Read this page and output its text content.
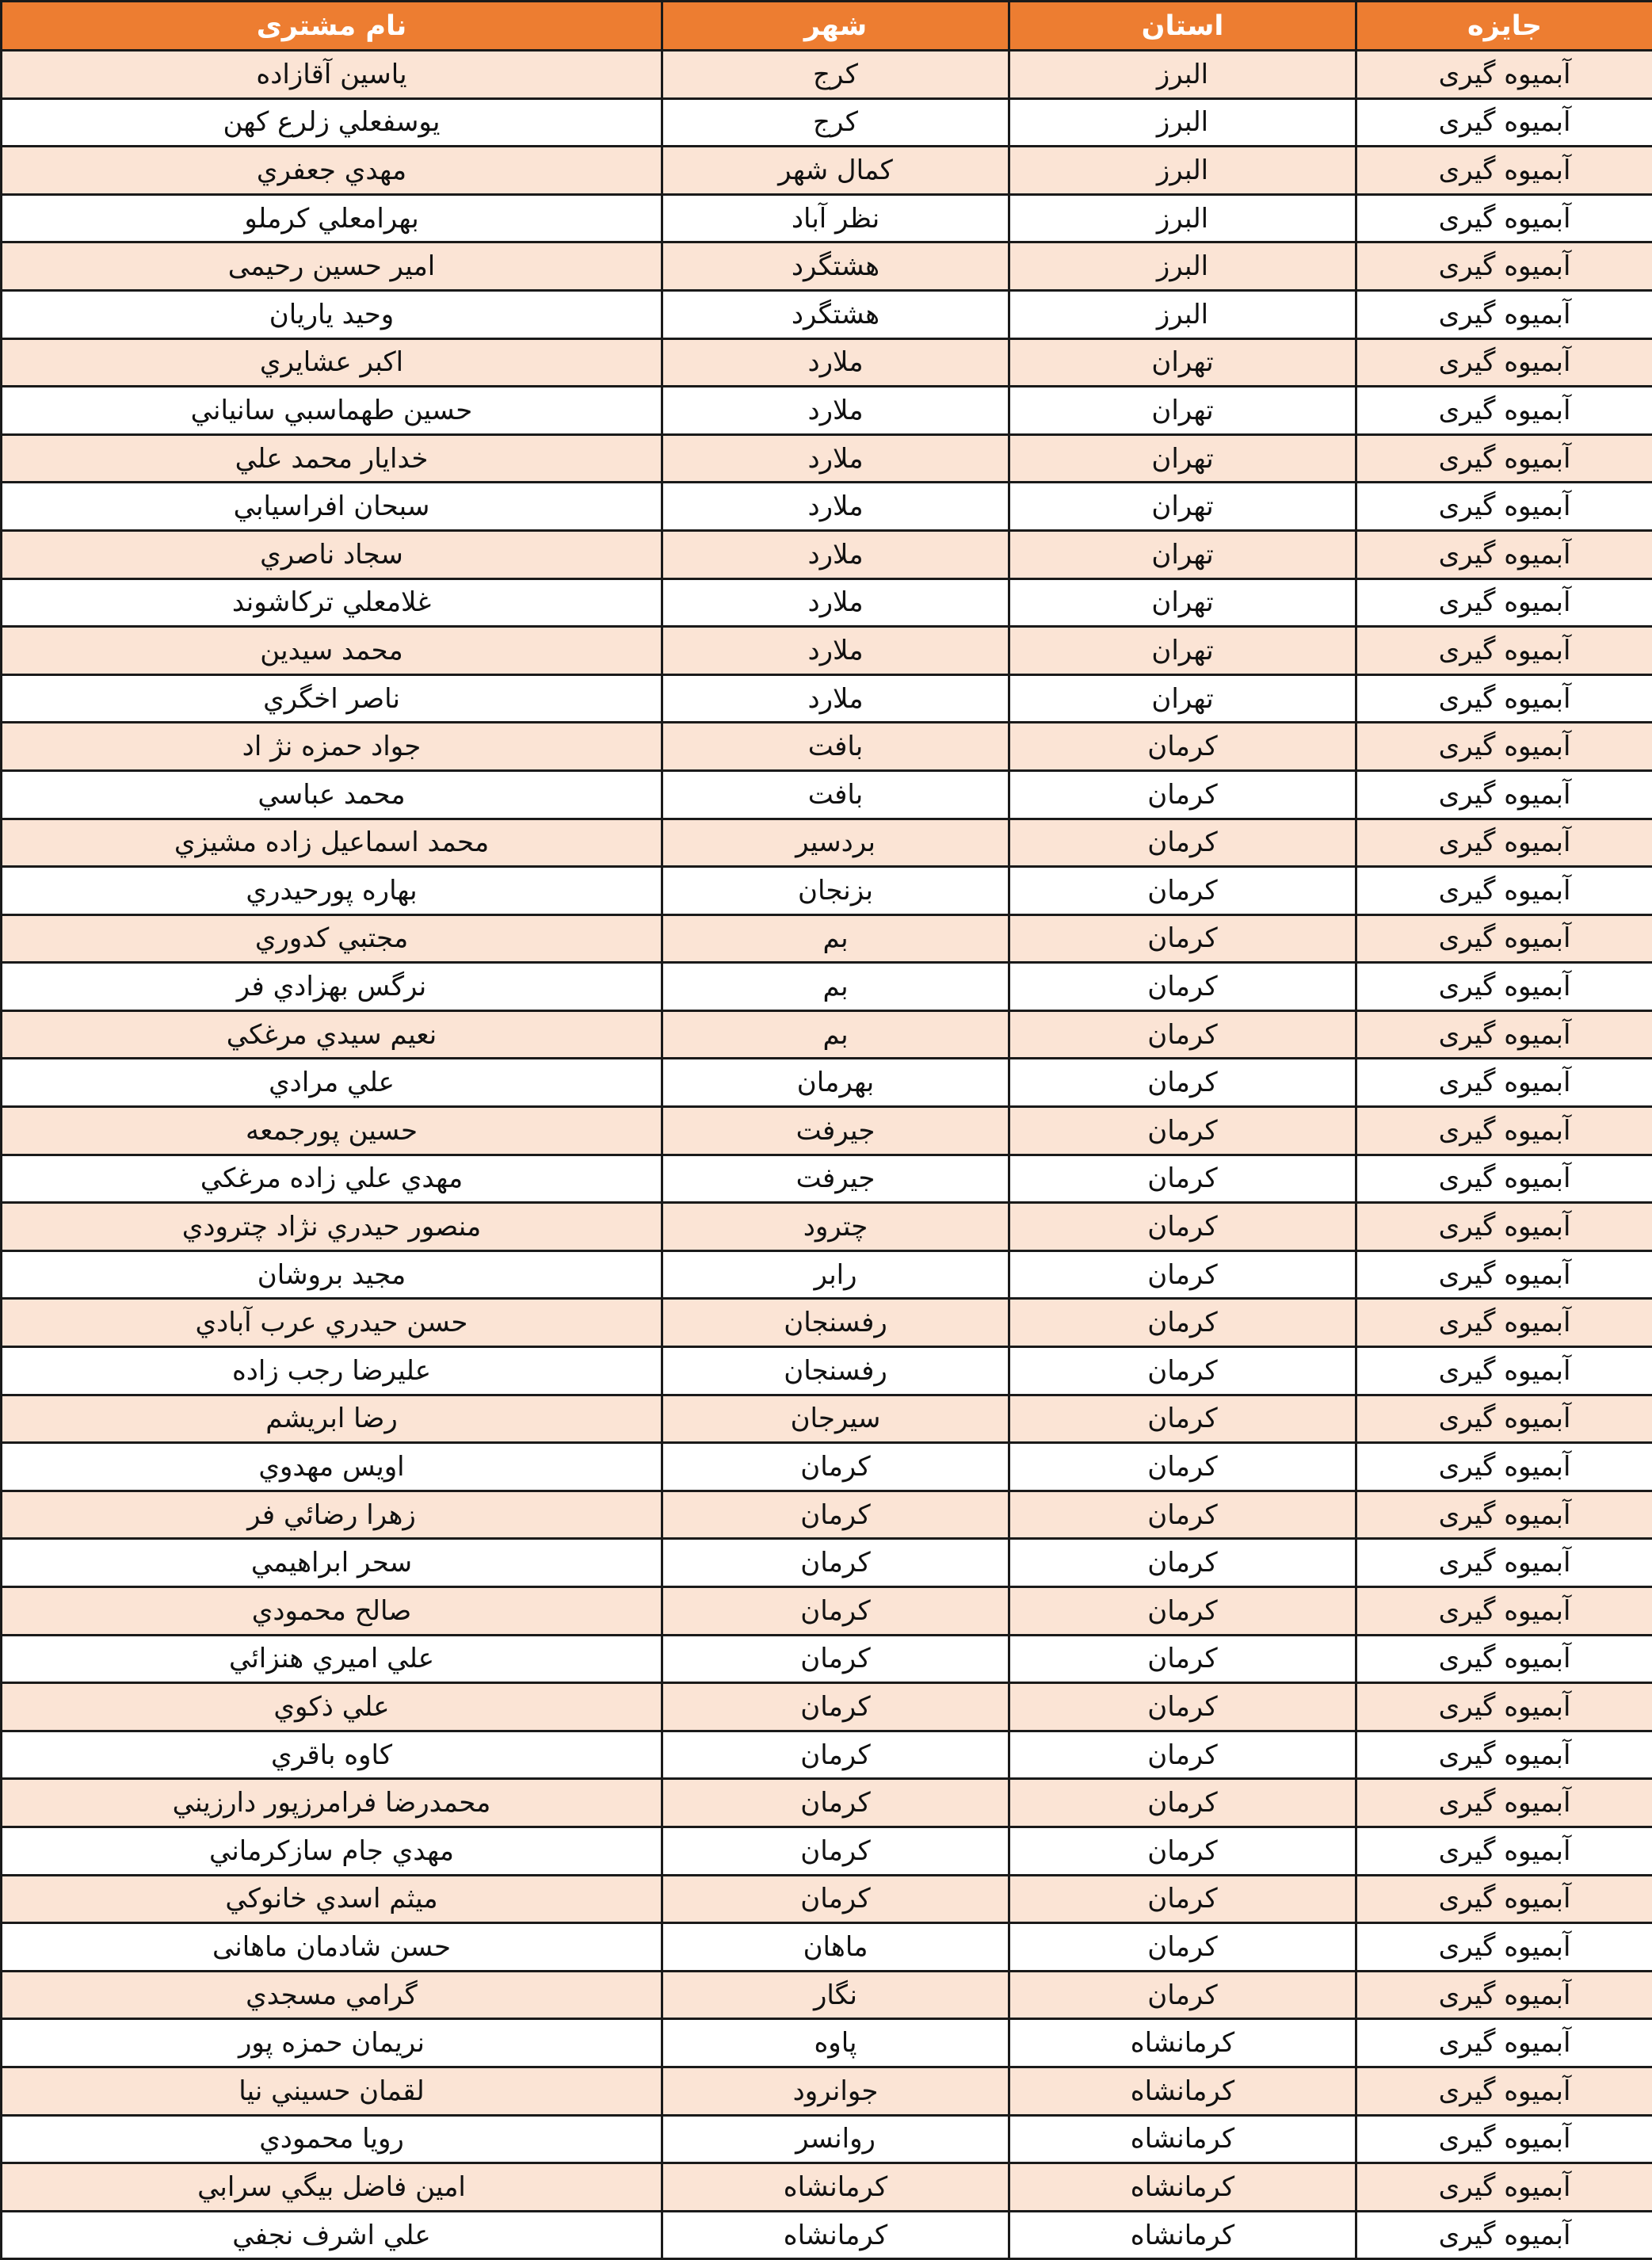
جایزه	استان	شهر	نام مشتری
آبمیوه گیری	البرز	کرج	یاسین آقازاده
آبمیوه گیری	البرز	کرج	يوسفعلي زلرع كهن
آبمیوه گیری	البرز	کمال شهر	مهدي جعفري
آبمیوه گیری	البرز	نظر آباد	بهرامعلي کرملو
آبمیوه گیری	البرز	هشتگرد	امیر حسین رحیمی
آبمیوه گیری	البرز	هشتگرد	وحید یاریان
آبمیوه گیری	تهران	ملارد	اکبر عشايري
آبمیوه گیری	تهران	ملارد	حسين طهماسبي سانياني
آبمیوه گیری	تهران	ملارد	خدايار محمد علي
آبمیوه گیری	تهران	ملارد	سبحان افراسيابي
آبمیوه گیری	تهران	ملارد	سجاد ناصري
آبمیوه گیری	تهران	ملارد	غلامعلي ترکاشوند
آبمیوه گیری	تهران	ملارد	محمد سيدين
آبمیوه گیری	تهران	ملارد	ناصر اخگري
آبمیوه گیری	کرمان	بافت	جواد حمزه نژ اد
آبمیوه گیری	کرمان	بافت	محمد عباسي
آبمیوه گیری	کرمان	بردسير	محمد اسماعيل زاده مشيزي
آبمیوه گیری	کرمان	بزنجان	بهاره پورحيدري
آبمیوه گیری	کرمان	بم	مجتبي کدوري
آبمیوه گیری	کرمان	بم	نرگس بهزادي فر
آبمیوه گیری	کرمان	بم	نعيم سيدي مرغکي
آبمیوه گیری	کرمان	بهرمان	علي مرادي
آبمیوه گیری	کرمان	جيرفت	حسين پورجمعه
آبمیوه گیری	کرمان	جيرفت	مهدي علي زاده مرغکي
آبمیوه گیری	کرمان	چترود	منصور حيدري نژاد چترودي
آبمیوه گیری	کرمان	رابر	مجيد بروشان
آبمیوه گیری	کرمان	رفسنجان	حسن حيدري عرب آبادي
آبمیوه گیری	کرمان	رفسنجان	عليرضا رجب زاده
آبمیوه گیری	کرمان	سيرجان	رضا ابريشم
آبمیوه گیری	کرمان	کرمان	اويس مهدوي
آبمیوه گیری	کرمان	کرمان	زهرا رضائي فر
آبمیوه گیری	کرمان	کرمان	سحر ابراهيمي
آبمیوه گیری	کرمان	کرمان	صالح محمودي
آبمیوه گیری	کرمان	کرمان	علي اميري هنزائي
آبمیوه گیری	کرمان	کرمان	علي ذکوي
آبمیوه گیری	کرمان	کرمان	کاوه باقري
آبمیوه گیری	کرمان	کرمان	محمدرضا فرامرزپور دارزيني
آبمیوه گیری	کرمان	کرمان	مهدي جام سازکرماني
آبمیوه گیری	کرمان	کرمان	ميثم اسدي خانوکي
آبمیوه گیری	کرمان	ماهان	حسن شادمان ماهانی
آبمیوه گیری	کرمان	نگار	گرامي مسجدي
آبمیوه گیری	کرمانشاه	پاوه	نريمان حمزه پور
آبمیوه گیری	کرمانشاه	جوانرود	لقمان حسيني نيا
آبمیوه گیری	کرمانشاه	روانسر	رويا محمودي
آبمیوه گیری	کرمانشاه	کرمانشاه	امين فاضل بيگي سرابي
آبمیوه گیری	کرمانشاه	کرمانشاه	علي اشرف نجفي
